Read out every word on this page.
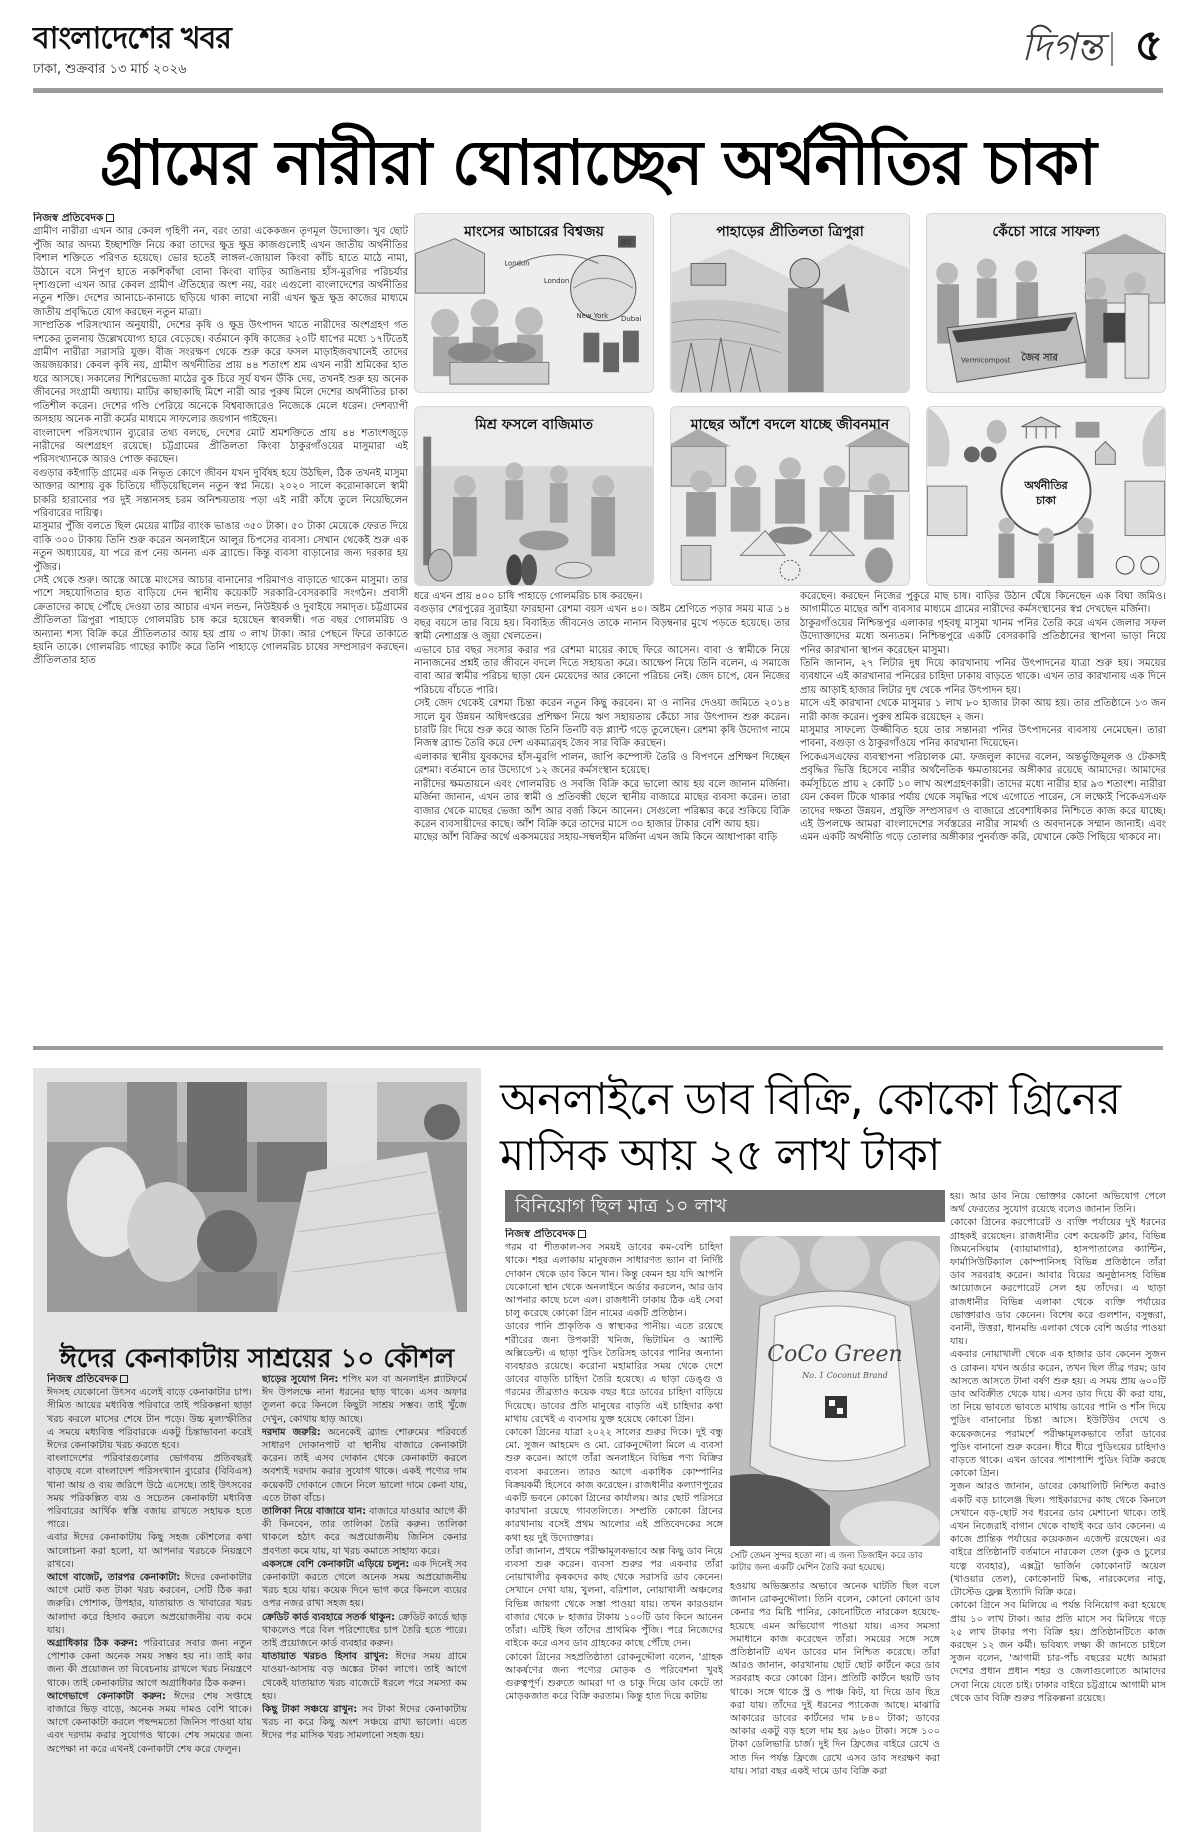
বাংলাদেশের খবর
ঢাকা, শুক্রবার ১৩ মার্চ ২০২৬
দিগন্ত ৫
গ্রামের নারীরা ঘোরাচ্ছেন অর্থনীতির চাকা
নিজস্ব প্রতিবেদক

গ্রামীণ নারীরা এখন আর কেবল গৃহিণী নন, বরং তারা একেকজন তৃণমূল উদ্যোক্তা। খুব ছোট পুঁজি আর অদম্য ইচ্ছাশক্তি নিয়ে করা তাদের ক্ষুদ্র ক্ষুদ্র কাজগুলোই এখন জাতীয় অর্থনীতির বিশাল শক্তিতে পরিণত হয়েছে। ভোর হতেই লাঙ্গল-জোয়াল কিংবা কাঁচি হাতে মাঠে নামা, উঠানে বসে নিপুণ হাতে নকশিকাঁথা বোনা কিংবা বাড়ির আঙিনায় হাঁস-মুরগির পরিচর্যার দৃশ্যগুলো এখন আর কেবল গ্রামীণ ঐতিহ্যের অংশ নয়, বরং এগুলো বাংলাদেশের অর্থনীতির নতুন শক্তি। দেশের আনাচে-কানাচে ছড়িয়ে থাকা লাখো নারী এখন ক্ষুদ্র ক্ষুদ্র কাজের মাধ্যমে জাতীয় প্রবৃদ্ধিতে যোগ করছেন নতুন মাত্রা।

সাম্প্রতিক পরিসংখ্যান অনুযায়ী, দেশের কৃষি ও ক্ষুদ্র উৎপাদন খাতে নারীদের অংশগ্রহণ গত দশকের তুলনায় উল্লেখযোগ্য হারে বেড়েছে। বর্তমানে কৃষি কাজের ২০টি ধাপের মধ্যে ১৭টিতেই গ্রামীণ নারীরা সরাসরি যুক্ত। বীজ সংরক্ষণ থেকে শুরু করে ফসল মাড়াইজবখানেই তাদের জয়জয়কার। কেবল কৃষি নয়, গ্রামীণ অর্থনীতির প্রায় ৪৪ শতাংশ শ্রম এখন নারী শ্রমিকের হাত ধরে আসছে। সকালের শিশিরভেজা মাঠের বুক চিরে সূর্য যখন উঁকি দেয়, তখনই শুরু হয় অনেক জীবনের সংগ্রামী অধ্যায়। মাটির কাছাকাছি মিশে নারী আর পুরুষ মিলে দেশের অর্থনীতির চাকা গতিশীল করেন। দেশের গণ্ডি পেরিয়ে অনেকে বিশ্ববাজারেও নিজেকে মেলে ধরেন। দেশব্যাপী অসহায় অনেক নারী কর্মের মাধ্যমে সাফল্যের জয়গান গাইছেন।

বাংলাদেশ পরিসংখ্যান ব্যুরোর তথ্য বলছে, দেশের মোট শ্রমশক্তিতে প্রায় ৪৪ শতাংশজুড়ে নারীদের অংশগ্রহণ রয়েছে। চট্টগ্রামের প্রীতিলতা কিংবা ঠাকুরগাঁওয়ের মাসুমারা এই পরিসংখ্যানকে আরও পোক্ত করছেন।

বগুড়ার কইগাড়ি গ্রামের এক নিভৃত কোণে জীবন যখন দুর্বিষহ হয়ে উঠছিল, ঠিক তখনই মাসুমা আক্তার আশায় বুক চিতিয়ে দাঁড়িয়েছিলেন নতুন স্বপ্ন নিয়ে। ২০২০ সালে করোনাকালে স্বামী চাকরি হারানোর পর দুই সন্তানসহ চরম অনিশ্চয়তায় পড়া এই নারী কাঁধে তুলে নিয়েছিলেন পরিবারের দায়িত্ব।

মাসুমার পুঁজি বলতে ছিল মেয়ের মাটির ব্যাংক ভাঙার ৩৫০ টাকা। ৫০ টাকা মেয়েকে ফেরত দিয়ে বাকি ৩০০ টাকায় তিনি শুরু করেন অনলাইনে আলুর চিপসের ব্যবসা। সেখান থেকেই শুরু এক নতুন অধ্যায়ের, যা পরে রূপ নেয় অনন্য এক ব্র্যান্ডে। কিন্তু ব্যবসা বাড়ানোর জন্য দরকার হয় পুঁজির।

সেই থেকে শুরু। আস্তে আস্তে মাংসের আচার বানানোর পরিমাণও বাড়াতে থাকেন মাসুমা। তার পাশে সহযোগিতার হাত বাড়িয়ে দেন স্থানীয় কয়েকটি সরকারি-বেসরকারি সংগঠন। প্রবাসী ক্রেতাদের কাছে পৌঁছে দেওয়া তার আচার এখন লন্ডন, নিউইয়র্ক ও দুবাইয়ে সমাদৃত। চট্টগ্রামের প্রীতিলতা ত্রিপুরা পাহাড়ে গোলমরিচ চাষ করে হয়েছেন স্বাবলম্বী। গত বছর গোলমরিচ ও অন্যান্য শস্য বিক্রি করে প্রীতিলতার আয় হয় প্রায় ৩ লাখ টাকা। আর পেছনে ফিরে তাকাতে হয়নি তাকে। গোলমরিচ গাছের কাটিং করে তিনি পাহাড়ে গোলমরিচ চাষের সম্প্রসারণ করছেন। প্রীতিলতার হাত

মাংসের আচারের বিশ্বজয়
BD
London
London
New York Dubai
পাহাড়ের প্রীতিলতা ত্রিপুরা	কেঁচো সারে সাফল্য
Vermicompost জৈব সার
মিশ্র ফসলে বাজিমাত	মাছের আঁশে বদলে যাচ্ছে জীবনমান
অর্থনীতির
চাকা

ধরে এখন প্রায় ৪০০ চাষি পাহাড়ে গোলমরিচ চাষ করছেন।

বগুড়ার শেরপুরের সুরাইয়া ফারহানা রেশমা বয়স এখন ৪০। অষ্টম শ্রেণিতে পড়ার সময় মাত্র ১৪ বছর বয়সে তার বিয়ে হয়। বিবাহিত জীবনেও তাকে নানান বিড়ম্বনার মুখে পড়তে হয়েছে। তার স্বামী নেশাগ্রস্ত ও জুয়া খেলতেন।

এভাবে চার বছর সংসার করার পর রেশমা মায়ের কাছে ফিরে আসেন। বাবা ও স্বামীকে নিয়ে নানাজনের প্রশ্নই তার জীবনে বদলে দিতে সহায়তা করে। আক্ষেপ নিয়ে তিনি বলেন, এ সমাজে বাবা আর স্বামীর পরিচয় ছাড়া যেন মেয়েদের আর কোনো পরিচয় নেই। জেদ চাপে, যেন নিজের পরিচয়ে বাঁচতে পারি।

সেই জেদ থেকেই রেশমা চিন্তা করেন নতুন কিছু করবেন। মা ও নানির দেওয়া জমিতে ২০১৪ সালে যুব উন্নয়ন অধিদপ্তরের প্রশিক্ষণ নিয়ে ঋণ সহায়তায় কেঁচো সার উৎপাদন শুরু করেন। চারটি রিং দিয়ে শুরু করে আজ তিনি তিনটি বড় প্ল্যান্ট গড়ে তুলেছেন। রেশমা কৃষি উদ্যোগ নামে নিজস্ব ব্র্যান্ড তৈরি করে দেশ একমাত্রবৃহ জৈব সার বিক্রি করছেন।

এলাকার স্থানীয় যুবকদের হাঁস-মুরগি পালন, জাপি কম্পোস্ট তৈরি ও বিপণনে প্রশিক্ষণ দিচ্ছেন রেশমা। বর্তমানে তার উদ্যোগে ১২ জনের কর্মসংস্থান হয়েছে।

নারীদের ক্ষমতায়নে এবং গোলমরিচ ও সবজি বিক্রি করে ভালো আয় হয় বলে জানান মর্জিনা। মর্জিনা জানান, এখন তার স্বামী ও প্রতিবন্ধী ছেলে স্থানীয় বাজারে মাছের ব্যবসা করেন। তারা বাজার থেকে মাছের ভেজা আঁশ আর বর্জ্য কিনে আনেন। সেগুলো পরিষ্কার করে শুকিয়ে বিক্রি করেন ব্যবসায়ীদের কাছে। আঁশ বিক্রি করে তাদের মাসে ৩০ হাজার টাকার বেশি আয় হয়।

মাছের আঁশ বিক্রির অর্থে একসময়ের সহায়-সম্বলহীন মর্জিনা এখন জমি কিনে আধাপাকা বাড়ি

করেছেন। করছেন নিজের পুকুরে মাছ চাষ। বাড়ির উঠান ঘেঁষে কিনেছেন এক বিঘা জমিও। আগামীতে মাছের আঁশ ব্যবসার মাধ্যমে গ্রামের নারীদের কর্মসংস্থানের স্বপ্ন দেখছেন মর্জিনা।

ঠাকুরগাঁওয়ের নিশ্চিন্তপুর এলাকার গৃহবধূ মাসুমা খানম পনির তৈরি করে এখন জেলার সফল উদ্যোক্তাদের মধ্যে অন্যতম। নিশ্চিন্তপুরে একটি বেসরকারি প্রতিষ্ঠানের স্থাপনা ভাড়া নিয়ে পনির কারখানা স্থাপন করেছেন মাসুমা।

তিনি জানান, ২৭ লিটার দুধ দিয়ে কারখানায় পনির উৎপাদনের যাত্রা শুরু হয়। সময়ের ব্যবধানে এই কারখানার পনিরের চাহিদা ঢাকায় বাড়তে থাকে। এখন তার কারখানায় এক দিনে প্রায় আড়াই হাজার লিটার দুধ থেকে পনির উৎপাদন হয়।

মাসে এই কারখানা থেকে মাসুমার ১ লাখ ৮০ হাজার টাকা আয় হয়। তার প্রতিষ্ঠানে ১৩ জন নারী কাজ করেন। পুরুষ শ্রমিক রয়েছেন ২ জন।

মাসুমার সাফল্যে উজ্জীবিত হয়ে তার সন্তানরা পনির উৎপাদনের ব্যবসায় নেমেছেন। তারা পাবনা, বগুড়া ও ঠাকুরগাঁওয়ে পনির কারখানা দিয়েছেন।

পিকেএসএফের ব্যবস্থাপনা পরিচালক মো. ফজলুল কাদের বলেন, অন্তর্ভুক্তিমূলক ও টেকসই প্রবৃদ্ধির ভিত্তি হিসেবে নারীর অর্থনৈতিক ক্ষমতায়নের অঙ্গীকার রয়েছে আমাদের। আমাদের কর্মসূচিতে প্রায় ২ কোটি ১০ লাখ অংশগ্রহণকারী। তাদের মধ্যে নারীর হার ৯৩ শতাংশ। নারীরা যেন কেবল টিকে থাকার পর্যায় থেকে সমৃদ্ধির পথে এগোতে পারেন, সে লক্ষ্যেই পিকেএসএফ তাদের দক্ষতা উন্নয়ন, প্রযুক্তি সম্প্রসারণ ও বাজারে প্রবেশাধিকার নিশ্চিতে কাজ করে যাচ্ছে। এই উপলক্ষে আমরা বাংলাদেশের সর্বস্তরের নারীর সামর্থ্য ও অবদানকে সম্মান জানাই। এবং এমন একটি অর্থনীতি গড়ে তোলার অঙ্গীকার পুনর্ব্যক্ত করি, যেখানে কেউ পিছিয়ে থাকবে না।

ঈদের কেনাকাটায় সাশ্রয়ের ১০ কৌশল
নিজস্ব প্রতিবেদক

ঈদসহ যেকোনো উৎসব এলেই বাড়ে কেনাকাটার চাপ। সীমিত আয়ের মধ্যবিত্ত পরিবারে তাই পরিকল্পনা ছাড়া খরচ করলে মাসের শেষে টান পড়ে। উচ্চ মূল্যস্ফীতির এ সময়ে মধ্যবিত্ত পরিবারকে একটু চিন্তাভাবনা করেই ঈদের কেনাকাটায় খরচ করতে হবে।

বাংলাদেশের পরিবারগুলোর ভোগব্যয় প্রতিবছরই বাড়ছে বলে বাংলাদেশ পরিসংখ্যান ব্যুরোর (বিবিএস) খানা আয় ও ব্যয় জরিপে উঠে এসেছে। তাই উৎসবের সময় পরিকল্পিত ব্যয় ও সচেতন কেনাকাটা মধ্যবিত্ত পরিবারের আর্থিক স্বস্তি বজায় রাখতে সহায়ক হতে পারে।

এবার ঈদের কেনাকাটায় কিছু সহজ কৌশলের কথা আলোচনা করা হলো, যা আপনার খরচকে নিয়ন্ত্রণে রাখবে।

আগে বাজেট, তারপর কেনাকাটা: ঈদের কেনাকাটার আগে মোট কত টাকা খরচ করবেন, সেটি ঠিক করা জরুরি। পোশাক, উপহার, যাতায়াত ও খাবারের খরচ আলাদা করে হিসাব করলে অপ্রয়োজনীয় ব্যয় কমে যায়।

অগ্রাধিকার ঠিক করুন: পরিবারের সবার জন্য নতুন পোশাক কেনা অনেক সময় সম্ভব হয় না। তাই কার জন্য কী প্রয়োজন তা বিবেচনায় রাখলে খরচ নিয়ন্ত্রণে থাকে। তাই কেনাকাটার আগে অগ্রাধিকার ঠিক করুন।

আগেভাগে কেনাকাটা করুন: ঈদের শেষ সপ্তাহে বাজারে ভিড় বাড়ে, অনেক সময় দামও বেশি থাকে। আগে কেনাকাটা করলে পছন্দমতো জিনিস পাওয়া যায় এবং দরদাম করার সুযোগও থাকে। শেষ সময়ের জন্য অপেক্ষা না করে এখনই কেনাকাটা শেষ করে ফেলুন।

ছাড়ের সুযোগ নিন: শপিং মল বা অনলাইন প্ল্যাটফর্মে ঈদ উপলক্ষে নানা ধরনের ছাড় থাকে। এসব অফার তুলনা করে কিনলে কিছুটা সাশ্রয় সম্ভব। তাই খুঁজে দেখুন, কোথায় ছাড় আছে।

দরদাম জরুরি: অনেকেই ব্র্যান্ড শোরুমের পরিবর্তে সাধারণ দোকানপাট বা স্থানীয় বাজারে কেনাকাটা করেন। তাই এসব দোকান থেকে কেনাকাটা করলে অবশ্যই দরদাম করার সুযোগ থাকে। একই পণ্যের দাম কয়েকটি দোকানে জেনে নিলে ভালো দামে কেনা যায়, এতে টাকা বাঁচে।

তালিকা নিয়ে বাজারে যান: বাজারে যাওয়ার আগে কী কী কিনবেন, তার তালিকা তৈরি করুন। তালিকা থাকলে হঠাৎ করে অপ্রয়োজনীয় জিনিস কেনার প্রবণতা কমে যায়, যা খরচ কমাতে সাহায্য করে।

একসঙ্গে বেশি কেনাকাটা এড়িয়ে চলুন: এক দিনেই সব কেনাকাটা করতে গেলে অনেক সময় অপ্রয়োজনীয় খরচ হয়ে যায়। কয়েক দিনে ভাগ করে কিনলে ব্যয়ের ওপর নজর রাখা সহজ হয়।

ক্রেডিট কার্ড ব্যবহারে সতর্ক থাকুন: ক্রেডিট কার্ডে ছাড় থাকলেও পরে বিল পরিশোধের চাপ তৈরি হতে পারে। তাই প্রয়োজনে কার্ড ব্যবহার করুন।

যাতায়াত খরচও হিসাব রাখুন: ঈদের সময় গ্রামে যাওয়া-আসায় বড় অঙ্কের টাকা লাগে। তাই আগে থেকেই যাতায়াত খরচ বাজেটে ধরলে পরে সমস্যা কম হয়।

কিছু টাকা সঞ্চয়ে রাখুন: সব টাকা ঈদের কেনাকাটায় খরচ না করে কিছু অংশ সঞ্চয়ে রাখা ভালো। এতে ঈদের পর মাসিক খরচ সামলানো সহজ হয়।

অনলাইনে ডাব বিক্রি, কোকো গ্রিনের মাসিক আয় ২৫ লাখ টাকা
বিনিয়োগ ছিল মাত্র ১০ লাখ
নিজস্ব প্রতিবেদক

গরম বা শীতকাল-সব সময়ই ডাবের কম-বেশি চাহিদা থাকে। শহর এলাকায় মানুষজন সাধারণত ভ্যান বা নির্দিষ্ট দোকান থেকে ডাব কিনে খান। কিন্তু কেমন হয় যদি আপনি যেকোনো স্থান থেকে অনলাইনে অর্ডার করলেন, আর ডাব আপনার কাছে চলে এল। রাজধানী ঢাকায় ঠিক এই সেবা চালু করেছে কোকো গ্রিন নামের একটি প্রতিষ্ঠান।

ডাবের পানি প্রাকৃতিক ও স্বাস্থ্যকর পানীয়। এতে রয়েছে শরীরের জন্য উপকারী খনিজ, ভিটামিন ও অ্যান্টি অক্সিডেন্ট। এ ছাড়া পুডিং তৈরিসহ ডাবের পানির অন্যান্য ব্যবহারও রয়েছে। করোনা মহামারির সময় থেকে দেশে ডাবের বাড়তি চাহিদা তৈরি হয়েছে। এ ছাড়া ডেঙ্গু ও গরমের তীব্রতাও কয়েক বছর ধরে ডাবের চাহিদা বাড়িয়ে দিয়েছে। ডাবের প্রতি মানুষের বাড়তি এই চাহিদার কথা মাথায় রেখেই এ ব্যবসায় যুক্ত হয়েছে কোকো গ্রিন।

কোকো গ্রিনের যাত্রা ২০২২ সালের শুরুর দিকে। দুই বন্ধু মো. সুজন আহমেদ ও মো. রোকনুদ্দৌলা মিলে এ ব্যবসা শুরু করেন। আগে তাঁরা অনলাইনে বিভিন্ন পণ্য বিক্রির ব্যবসা করতেন। তারও আগে একাধিক কোম্পানির বিক্রয়কর্মী হিসেবে কাজ করেছেন। রাজধানীর কল্যাণপুরের একটি ভবনে কোকো গ্রিনের কার্যালয়। আর ছোট পরিসরে কারখানা রয়েছে গাবতলিতে। সম্প্রতি কোকো গ্রিনের কারখানায় বসেই প্রথম আলোর এই প্রতিবেদকের সঙ্গে কথা হয় দুই উদ্যোক্তার।

তাঁরা জানান, প্রথমে পরীক্ষামূলকভাবে অল্প কিছু ডাব নিয়ে ব্যবসা শুরু করেন। ব্যবসা শুরুর পর একবার তাঁরা নোয়াখালীর কৃষকদের কাছ থেকে সরাসরি ডাব কেনেন। সেখানে দেখা যায়, খুলনা, বরিশাল, নোয়াখালী অঞ্চলের বিভিন্ন জায়গা থেকে সস্তা পাওয়া যায়। তখন কারওয়ান বাজার থেকে ৮ হাজার টাকায় ১০০টি ডাব কিনে আনেন তাঁরা। এটিই ছিল তাঁদের প্রাথমিক পুঁজি। পরে নিজেদের বাইকে করে এসব ডাব গ্রাহকের কাছে পৌঁছে দেন।

কোকো গ্রিনের সহপ্রতিষ্ঠাতা রোকনুদ্দৌলা বলেন, 'গ্রাহক আকর্ষণের জন্য পণ্যের মোড়ক ও পরিবেশনা খুবই গুরুত্বপূর্ণ। শুরুতে আমরা দা ও চাকু দিয়ে ডাব কেটে তা মোড়কজাত করে বিক্রি করতাম। কিন্তু হাত দিয়ে কাটায়

CoCo Green
No. 1 Coconut Brand
সেটি তেমন সুন্দর হতো না। এ জন্য ডিজাইন করে ডাব কাটার জন্য একটি মেশিন তৈরি করা হয়েছে।

হওয়ায় অভিজ্ঞতার অভাবে অনেক ঘাটতি ছিল বলে জানান রোকনুদ্দৌলা। তিনি বলেন, কোনো কোনো ডাব কেনার পর মিষ্টি পানির, কোনোটিতে নারকেল হয়েছে-হয়েছে এমন অভিযোগ পাওয়া যায়। এসব সমস্যা সমাধানে কাজ করেছেন তাঁরা। সময়ের সঙ্গে সঙ্গে প্রতিষ্ঠানটি এখন ডাবের মান নিশ্চিত করেছে। তাঁরা আরও জানান, কারখানায় ছোট ছোট কার্টনে করে ডাব সরবরাহ করে কোকো গ্রিন। প্রতিটি কার্টনে ছয়টি ডাব থাকে। সঙ্গে থাকে স্ট্র ও পাঞ্চ কিট, যা দিয়ে ডাব ছিদ্র করা যায়। তাঁদের দুই ধরনের প্যাকেজ আছে। মাঝারি আকারের ডাবের কার্টনের দাম ৮৪০ টাকা; ডাবের আকার একটু বড় হলে দাম হয় ৯৬০ টাকা। সঙ্গে ১০০ টাকা ডেলিভারি চার্জ। দুই দিন ফ্রিজের বাইরে রেখে ও সাত দিন পর্যন্ত ফ্রিজে রেখে এসব ডাব সংরক্ষণ করা যায়। সারা বছর একই দামে ডাব বিক্রি করা

হয়। আর ডাব নিয়ে ভোক্তার কোনো অভিযোগ পেলে অর্থ ফেরতের সুযোগ রয়েছে বলেও জানান তিনি।

কোকো গ্রিনের করপোরেট ও ব্যক্তি পর্যায়ের দুই ধরনের গ্রাহকই রয়েছেন। রাজধানীর বেশ কয়েকটি ক্লাব, বিভিন্ন জিমনেসিয়াম (ব্যায়ামাগার), হাসপাতালের ক্যান্টিন, ফার্মাসিউটিক্যাল কোম্পানিসহ বিভিন্ন প্রতিষ্ঠানে তাঁরা ডাব সরবরাহ করেন। আবার বিয়ের অনুষ্ঠানসহ বিভিন্ন আয়োজনে করপোরেট সেল হয় তাঁদের। এ ছাড়া রাজধানীর বিভিন্ন এলাকা থেকে ব্যক্তি পর্যায়ের ভোক্তারাও ডাব কেনেন। বিশেষ করে গুলশান, বসুন্ধরা, বনানী, উত্তরা, ধানমন্ডি এলাকা থেকে বেশি অর্ডার পাওয়া যায়।

একবার নোয়াখালী থেকে এক হাজার ডাব কেনেন সুজন ও রোকন। যখন অর্ডার করেন, তখন ছিল তীব্র গরম; ডাব আসতে আসতে টানা বর্ষণ শুরু হয়। এ সময় প্রায় ৬০০টি ডাব অবিক্রীত থেকে যায়। এসব ডাব দিয়ে কী করা যায়, তা নিয়ে ভাবতে ভাবতে মাথায় ডাবের পানি ও শাঁস দিয়ে পুডিং বানানোর চিন্তা আসে। ইউটিউব দেখে ও কয়েকজনের পরামর্শে পরীক্ষামূলকভাবে তাঁরা ডাবের পুডিং বানানো শুরু করেন। ধীরে ধীরে পুডিংয়ের চাহিদাও বাড়তে থাকে। এখন ডাবের পাশাপাশি পুডিং বিক্রি করছে কোকো গ্রিন।

সুজন আরও জানান, ডাবের কোয়ালিটি নিশ্চিত করাও একটি বড় চ্যালেঞ্জ ছিল। পাইকারদের কাছ থেকে কিনলে সেখানে বড়-ছোট সব ধরনের ডাব মেশানো থাকে। তাই এখন নিজেরাই বাগান থেকে বাছাই করে ডাব কেনেন। এ কাজে প্রান্তিক পর্যায়ের কয়েকজন এজেন্ট রয়েছেন। এর বাইরে প্রতিষ্ঠানটি বর্তমানে নারকেল তেল (কুক ও চুলের যত্নে ব্যবহার), এক্সট্রা ভার্জিন কোকোনাট অয়েল (খাওয়ার তেল), কোকোনাট মিল্ক, নারকেলের নাড়ু, টোস্টেড ফ্লেক্স ইত্যাদি বিক্রি করে।

কোকো গ্রিনে সব মিলিয়ে এ পর্যন্ত বিনিয়োগ করা হয়েছে প্রায় ১০ লাখ টাকা। আর প্রতি মাসে সব মিলিয়ে গড়ে ২৫ লাখ টাকার পণ্য বিক্রি হয়। প্রতিষ্ঠানটিতে কাজ করছেন ১২ জন কর্মী। ভবিষ্যৎ লক্ষ্য কী জানতে চাইলে সুজন বলেন, 'আগামী চার-পাঁচ বছরের মধ্যে আমরা দেশের প্রধান প্রধান শহর ও জেলাগুলোতে আমাদের সেবা নিয়ে যেতে চাই। ঢাকার বাইরে চট্টগ্রামে আগামী মাস থেকে ডাব বিক্রি শুরুর পরিকল্পনা রয়েছে।
